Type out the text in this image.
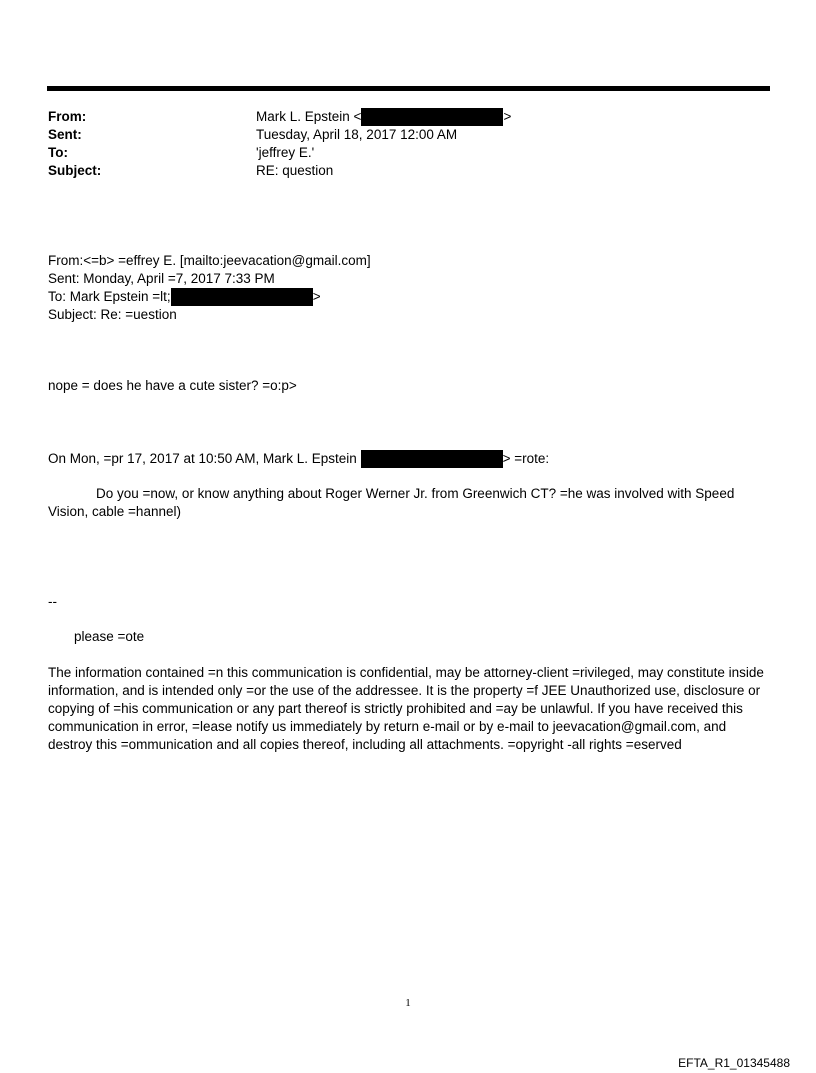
From:	Mark L. Epstein <	>
Sent:	Tuesday, April 18, 2017 12:00 AM
To:	'jeffrey E.'
Subject:	RE: question
From:<=b> =effrey E. [mailto:jeevacation@gmail.com]
Sent: Monday, April =7, 2017 7:33 PM
To: Mark Epstein =lt;	>
Subject: Re: =uestion
nope = does he have a cute sister? =o:p>
On Mon, =pr 17, 2017 at 10:50 AM, Mark L. Epstein	> =rote:
Do you =now, or know anything about Roger Werner Jr. from Greenwich CT? =he was involved with Speed
Vision, cable =hannel)
--
please =ote
The information contained =n this communication is confidential, may be attorney-client =rivileged, may constitute inside information, and is intended only =or the use of the addressee. It is the property =f JEE Unauthorized use, disclosure or copying of =his communication or any part thereof is strictly prohibited and =ay be unlawful. If you have received this communication in error, =lease notify us immediately by return e-mail or by e-mail to jeevacation@gmail.com, and destroy this =ommunication and all copies thereof, including all attachments. =opyright -all rights =eserved
1
EFTA_R1_01345488
